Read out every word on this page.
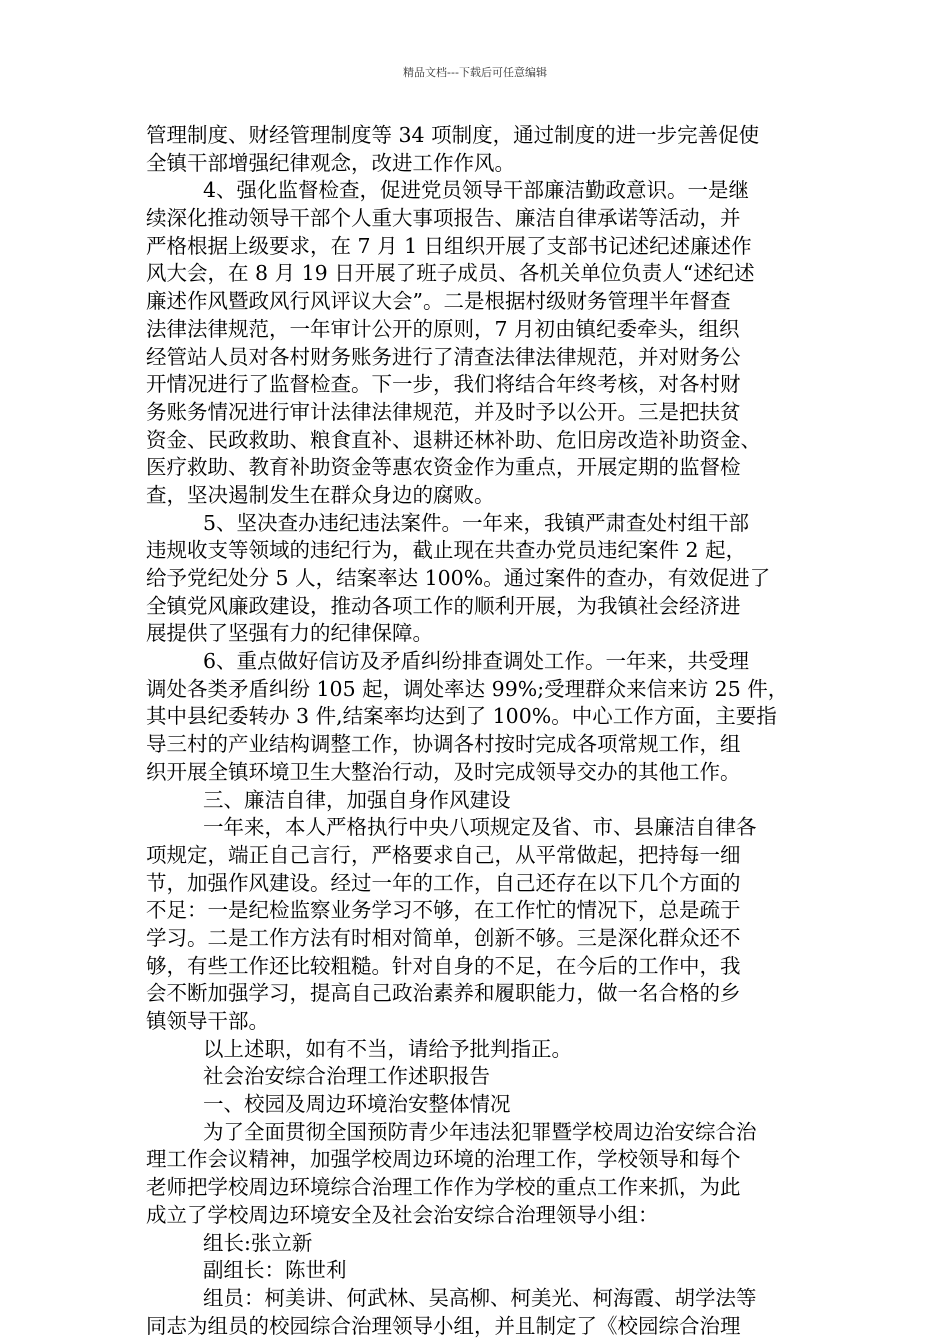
精品文档---下载后可任意编辑
管理制度、财经管理制度等 34 项制度，通过制度的进一步完善促使
全镇干部增强纪律观念，改进工作作风。
4、强化监督检查，促进党员领导干部廉洁勤政意识。一是继
续深化推动领导干部个人重大事项报告、廉洁自律承诺等活动，并
严格根据上级要求，在 7 月 1 日组织开展了支部书记述纪述廉述作
风大会，在 8 月 19 日开展了班子成员、各机关单位负责人“述纪述
廉述作风暨政风行风评议大会”。二是根据村级财务管理半年督查
法律法律规范，一年审计公开的原则，7 月初由镇纪委牵头，组织
经管站人员对各村财务账务进行了清查法律法律规范，并对财务公
开情况进行了监督检查。下一步，我们将结合年终考核，对各村财
务账务情况进行审计法律法律规范，并及时予以公开。三是把扶贫
资金、民政救助、粮食直补、退耕还林补助、危旧房改造补助资金、
医疗救助、教育补助资金等惠农资金作为重点，开展定期的监督检
查，坚决遏制发生在群众身边的腐败。
5、坚决查办违纪违法案件。一年来，我镇严肃查处村组干部
违规收支等领域的违纪行为，截止现在共查办党员违纪案件 2 起，
给予党纪处分 5 人，结案率达 100%。通过案件的查办，有效促进了
全镇党风廉政建设，推动各项工作的顺利开展，为我镇社会经济进
展提供了坚强有力的纪律保障。
6、重点做好信访及矛盾纠纷排查调处工作。一年来，共受理
调处各类矛盾纠纷 105 起，调处率达 99%;受理群众来信来访 25 件，
其中县纪委转办 3 件,结案率均达到了 100%。中心工作方面，主要指
导三村的产业结构调整工作，协调各村按时完成各项常规工作，组
织开展全镇环境卫生大整治行动，及时完成领导交办的其他工作。
三、廉洁自律，加强自身作风建设
一年来，本人严格执行中央八项规定及省、市、县廉洁自律各
项规定，端正自己言行，严格要求自己，从平常做起，把持每一细
节，加强作风建设。经过一年的工作，自己还存在以下几个方面的
不足：一是纪检监察业务学习不够，在工作忙的情况下，总是疏于
学习。二是工作方法有时相对简单，创新不够。三是深化群众还不
够，有些工作还比较粗糙。针对自身的不足，在今后的工作中，我
会不断加强学习，提高自己政治素养和履职能力，做一名合格的乡
镇领导干部。
以上述职，如有不当，请给予批判指正。
社会治安综合治理工作述职报告
一、校园及周边环境治安整体情况
为了全面贯彻全国预防青少年违法犯罪暨学校周边治安综合治
理工作会议精神，加强学校周边环境的治理工作，学校领导和每个
老师把学校周边环境综合治理工作作为学校的重点工作来抓，为此
成立了学校周边环境安全及社会治安综合治理领导小组：
组长:张立新
副组长：陈世利
组员：柯美讲、何武林、吴高柳、柯美光、柯海霞、胡学法等
同志为组员的校园综合治理领导小组，并且制定了《校园综合治理
